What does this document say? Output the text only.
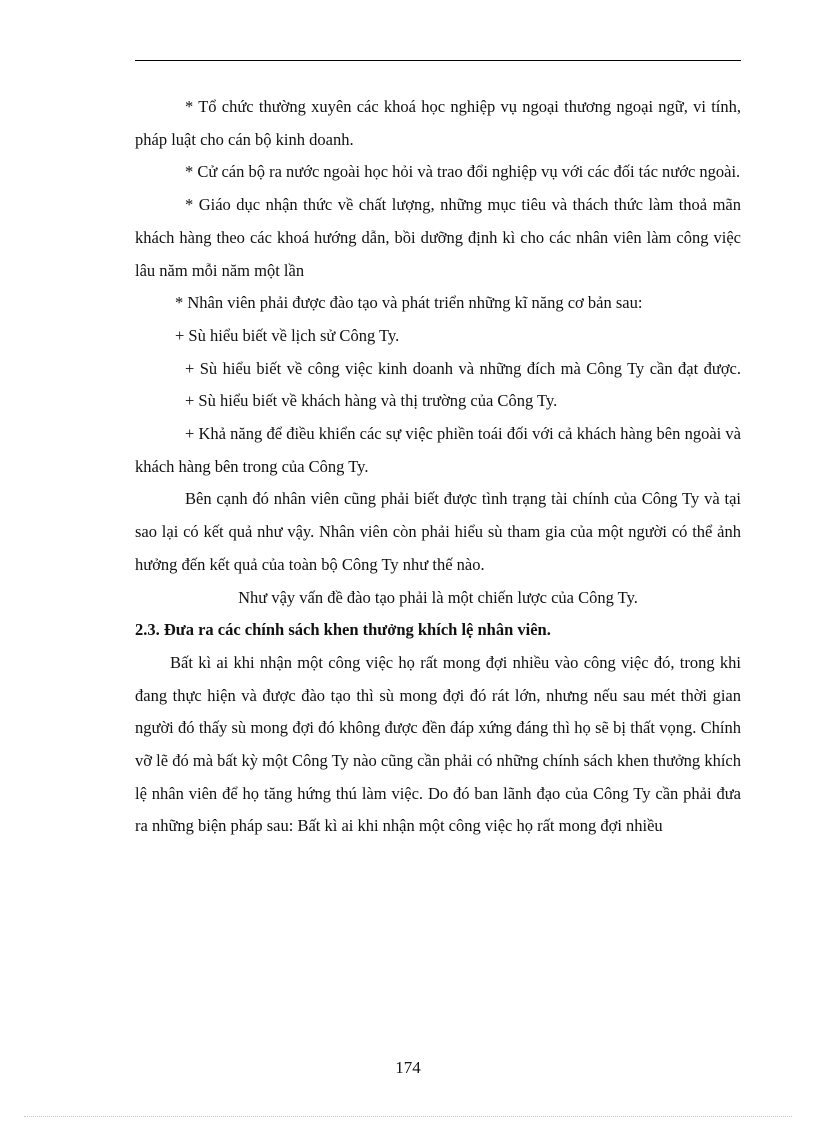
* Tổ chức thường xuyên các khoá học nghiệp vụ ngoại thương ngoại ngữ, vi tính, pháp luật cho cán bộ kinh doanh.

* Cử cán bộ ra nước ngoài học hỏi và trao đổi nghiệp vụ với các đối tác nước ngoài.

* Giáo dục nhận thức về chất lượng, những mục tiêu và thách thức làm thoả mãn khách hàng theo các khoá hướng dẫn, bồi dưỡng định kì cho các nhân viên làm công việc lâu năm mỗi năm một lần

* Nhân viên phải được đào tạo và phát triển những kĩ năng cơ bản sau:

+ Sù hiểu biết về lịch sử Công Ty.

+ Sù hiểu biết về công việc kinh doanh và những đích mà Công Ty cần đạt được.

+ Sù hiểu biết về khách hàng và thị trường của Công Ty.

+ Khả năng để điều khiển các sự việc phiền toái đối với cả khách hàng bên ngoài và khách hàng bên trong của Công Ty.

Bên cạnh đó nhân viên cũng phải biết được tình trạng tài chính của Công Ty và tại sao lại có kết quả như vậy. Nhân viên còn phải hiểu sù tham gia của một người có thể ảnh hưởng đến kết quả của toàn bộ Công Ty như thế nào.

Như vậy vấn đề đào tạo phải là một chiến lược của Công Ty.

2.3. Đưa ra các chính sách khen thưởng khích lệ nhân viên.

Bất kì ai khi nhận một công việc họ rất mong đợi nhiều vào công việc đó, trong khi đang thực hiện và được đào tạo thì sù mong đợi đó rát lớn, nhưng nếu sau mét thời gian người đó thấy sù mong đợi đó không được đền đáp xứng đáng thì họ sẽ bị thất vọng. Chính vỡ lẽ đó mà bất kỳ một Công Ty nào cũng cần phải có những chính sách khen thưởng khích lệ nhân viên để họ tăng hứng thú làm việc. Do đó ban lãnh đạo của Công Ty cần phải đưa ra những biện pháp sau: Bất kì ai khi nhận một công việc họ rất mong đợi nhiều

174
